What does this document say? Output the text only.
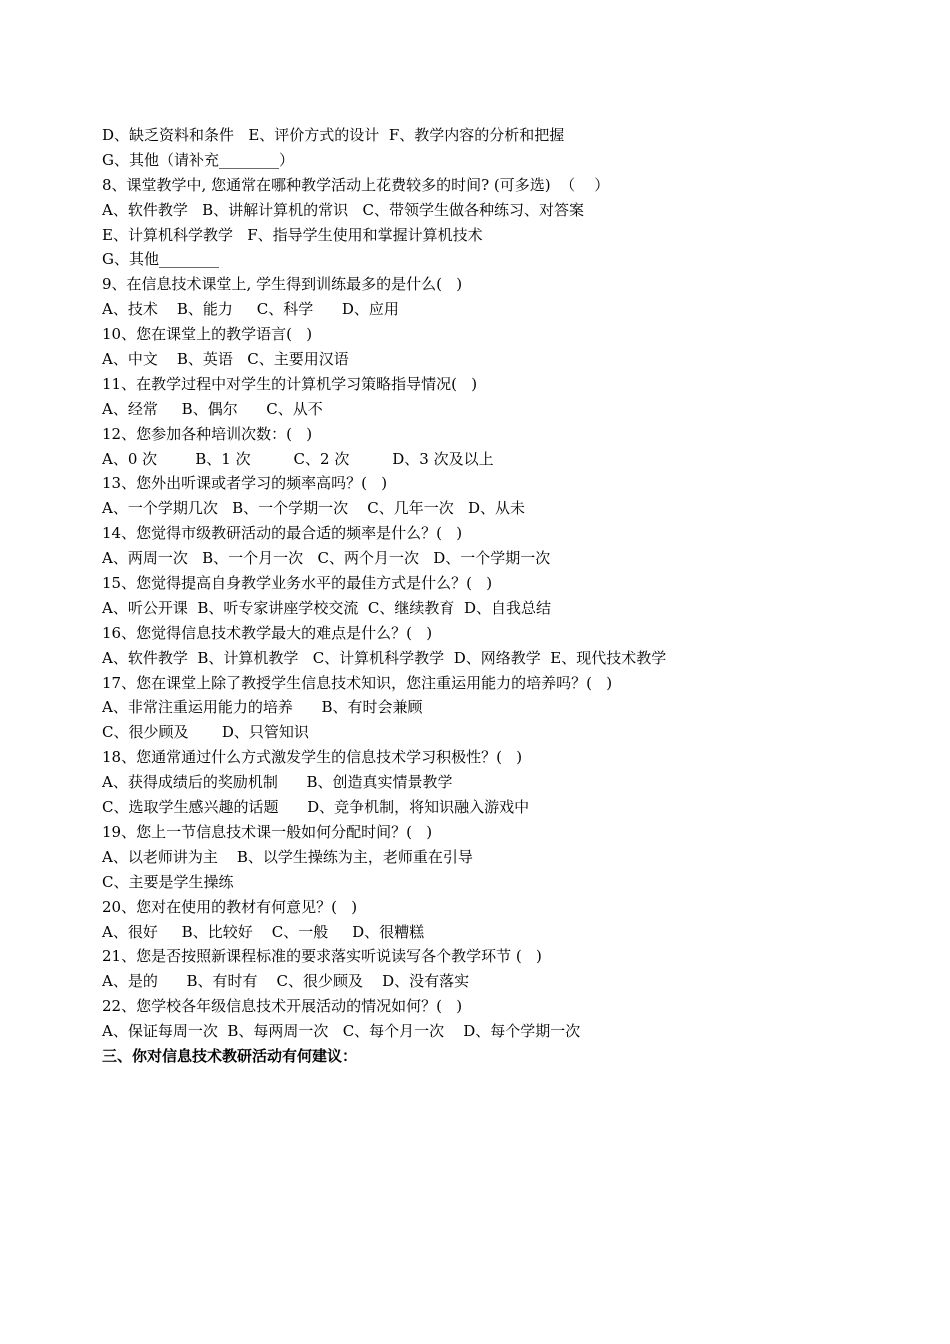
D、缺乏资料和条件   E、评价方式的设计  F、教学内容的分析和把握
G、其他（请补充________）
8、课堂教学中, 您通常在哪种教学活动上花费较多的时间? (可多选)  （    ）
A、软件教学   B、讲解计算机的常识   C、带领学生做各种练习、对答案
E、计算机科学教学   F、指导学生使用和掌握计算机技术
G、其他________
9、在信息技术课堂上, 学生得到训练最多的是什么(   )
A、技术    B、能力     C、科学      D、应用
10、您在课堂上的教学语言(   )
A、中文    B、英语   C、主要用汉语
11、在教学过程中对学生的计算机学习策略指导情况(   )
A、经常     B、偶尔      C、从不
12、您参加各种培训次数：(   )
A、0 次        B、1 次         C、2 次         D、3 次及以上
13、您外出听课或者学习的频率高吗？(   )
A、一个学期几次   B、一个学期一次    C、几年一次   D、从未
14、您觉得市级教研活动的最合适的频率是什么？(   )
A、两周一次   B、一个月一次   C、两个月一次   D、一个学期一次
15、您觉得提高自身教学业务水平的最佳方式是什么？(   )
A、听公开课  B、听专家讲座学校交流  C、继续教育  D、自我总结
16、您觉得信息技术教学最大的难点是什么？(   )
A、软件教学  B、计算机教学   C、计算机科学教学  D、网络教学  E、现代技术教学
17、您在课堂上除了教授学生信息技术知识，您注重运用能力的培养吗？(   )
A、非常注重运用能力的培养      B、有时会兼顾
C、很少顾及       D、只管知识
18、您通常通过什么方式激发学生的信息技术学习积极性？(   )
A、获得成绩后的奖励机制      B、创造真实情景教学
C、选取学生感兴趣的话题      D、竞争机制，将知识融入游戏中
19、您上一节信息技术课一般如何分配时间？(   )
A、以老师讲为主    B、以学生操练为主，老师重在引导
C、主要是学生操练
20、您对在使用的教材有何意见？(   )
A、很好     B、比较好    C、一般     D、很糟糕
21、您是否按照新课程标准的要求落实听说读写各个教学环节 (   )
A、是的      B、有时有    C、很少顾及    D、没有落实
22、您学校各年级信息技术开展活动的情况如何？(   )
A、保证每周一次  B、每两周一次   C、每个月一次    D、每个学期一次
三、你对信息技术教研活动有何建议：
